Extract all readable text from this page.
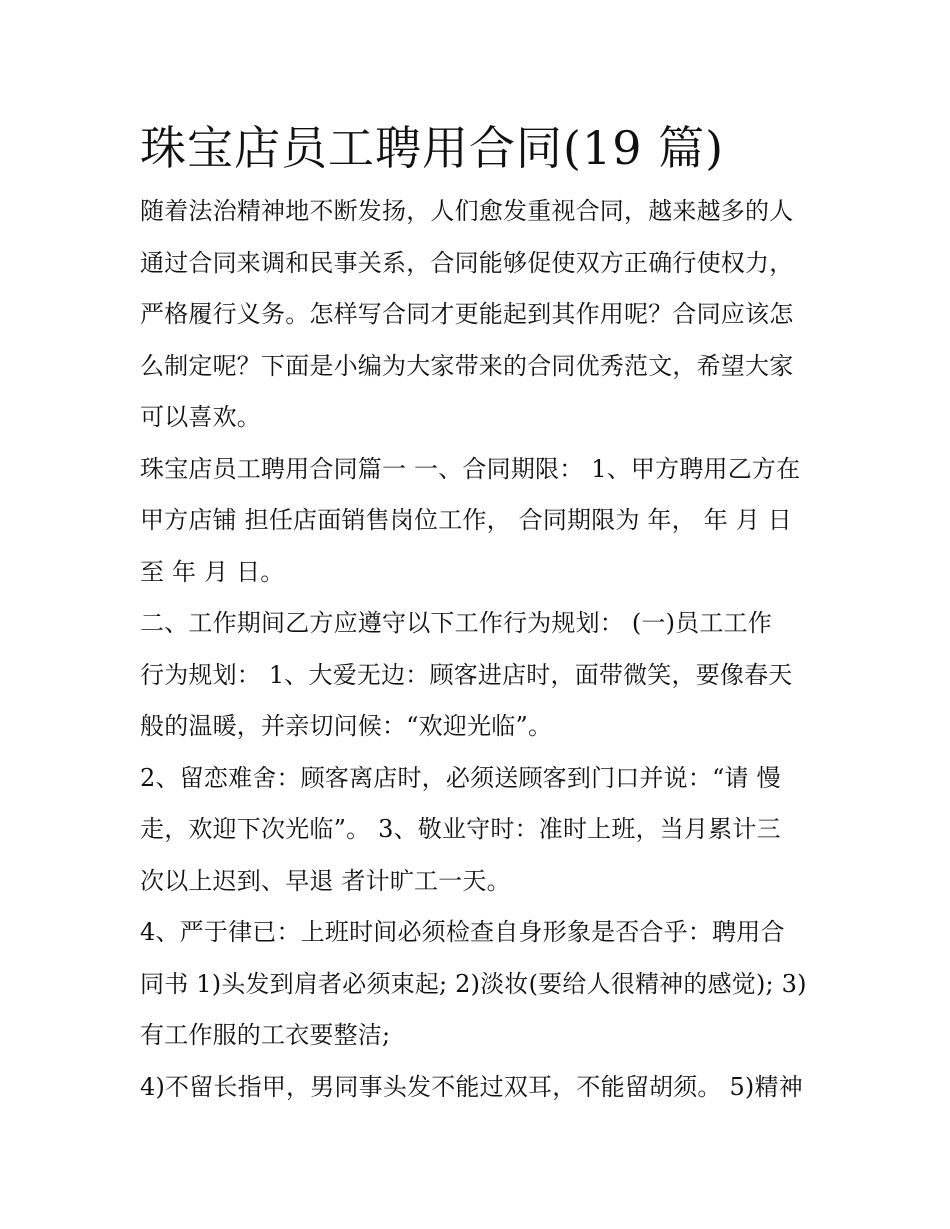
珠宝店员工聘用合同(19 篇)

随着法治精神地不断发扬，人们愈发重视合同，越来越多的人
通过合同来调和民事关系，合同能够促使双方正确行使权力，
严格履行义务。怎样写合同才更能起到其作用呢？合同应该怎
么制定呢？下面是小编为大家带来的合同优秀范文，希望大家
可以喜欢。

珠宝店员工聘用合同篇一 一、合同期限： 1、甲方聘用乙方在
甲方店铺 担任店面销售岗位工作， 合同期限为 年， 年 月 日
至 年 月 日。

二、工作期间乙方应遵守以下工作行为规划： (一)员工工作
行为规划： 1、大爱无边：顾客进店时，面带微笑，要像春天
般的温暖，并亲切问候：“欢迎光临”。

2、留恋难舍：顾客离店时，必须送顾客到门口并说：“请 慢
走，欢迎下次光临”。 3、敬业守时：准时上班，当月累计三
次以上迟到、早退 者计旷工一天。

4、严于律已：上班时间必须检查自身形象是否合乎：聘用合
同书 1)头发到肩者必须束起; 2)淡妆(要给人很精神的感觉); 3)
有工作服的工衣要整洁;

4)不留长指甲，男同事头发不能过双耳，不能留胡须。 5)精神
